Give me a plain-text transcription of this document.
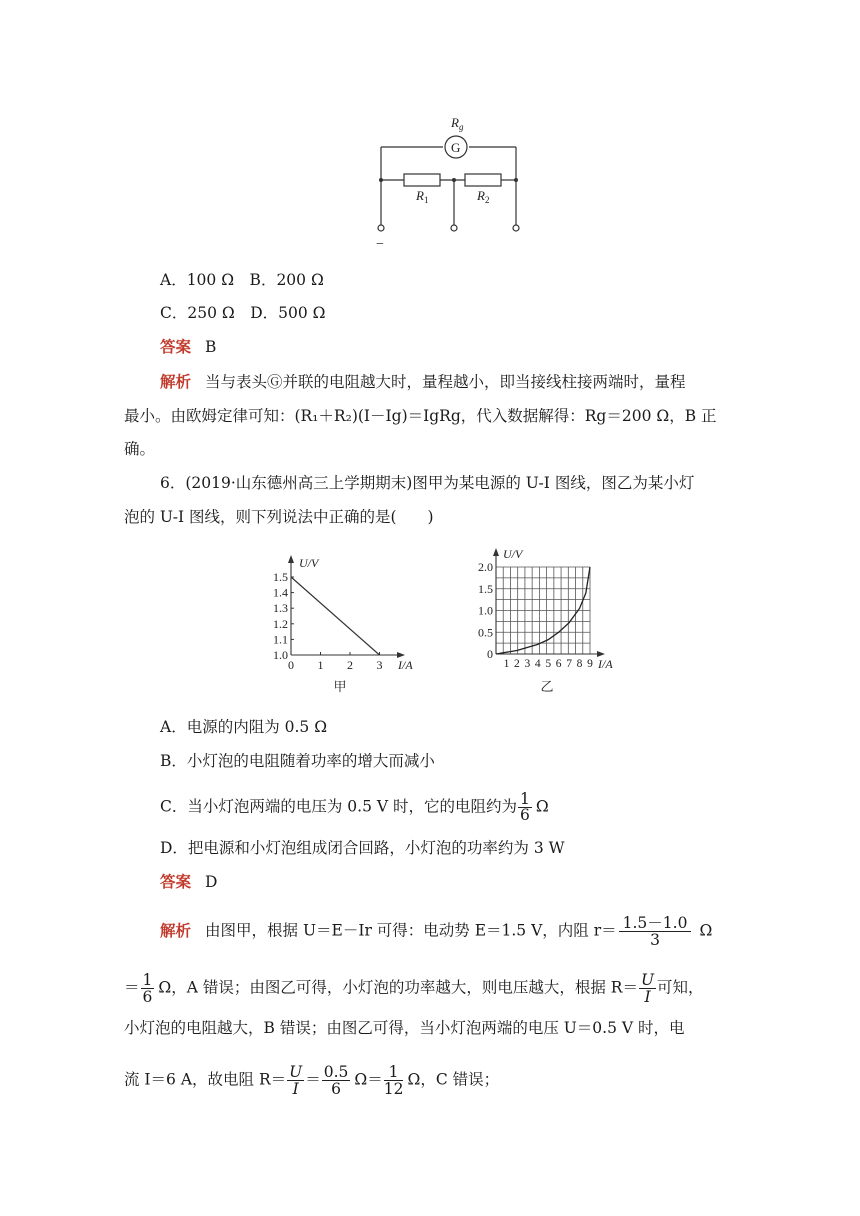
$R_g$
G
$R_1$	$R_2$
−
A．100 Ω　B．200 Ω
C．250 Ω　D．500 Ω
答案 B
解析 当与表头Ⓖ并联的电阻越大时，量程越小，即当接线柱接两端时，量程
最小。由欧姆定律可知：(R₁＋R₂)(I－Ig)＝IgRg，代入数据解得：Rg＝200 Ω，B 正
确。
6．(2019·山东德州高三上学期期末)图甲为某电源的 U-I 图线，图乙为某小灯
泡的 U-I 图线，则下列说法中正确的是(　　)
1.0
1.1
1.2
1.3
1.4
1.5
0 1 2 3
U/V
I/A
甲
0
0.5
1.0
1.5
2.0
1 2 3 4 5 6 7 8 9
U/V
I/A
乙
A．电源的内阻为 0.5 Ω
B．小灯泡的电阻随着功率的增大而减小
C．当小灯泡两端的电压为 0.5 V 时，它的电阻约为 $\frac{1}{6}$ Ω
D．把电源和小灯泡组成闭合回路，小灯泡的功率约为 3 W
答案 D
解析 由图甲，根据 U＝E－Ir 可得：电动势 E＝1.5 V，内阻 $r= \frac{1.5-1.0}{3}$ Ω
＝ $\frac{1}{6}$ Ω，A 错误；由图乙可得，小灯泡的功率越大，则电压越大，根据 $R= \frac{U}{I}$ 可知，
小灯泡的电阻越大，B 错误；由图乙可得，当小灯泡两端的电压 U＝0.5 V 时，电
流 I＝6 A，故电阻 $R= \frac{U}{I} = \frac{0.5}{6} \Omega= \frac{1}{12}$ Ω，C 错误；
